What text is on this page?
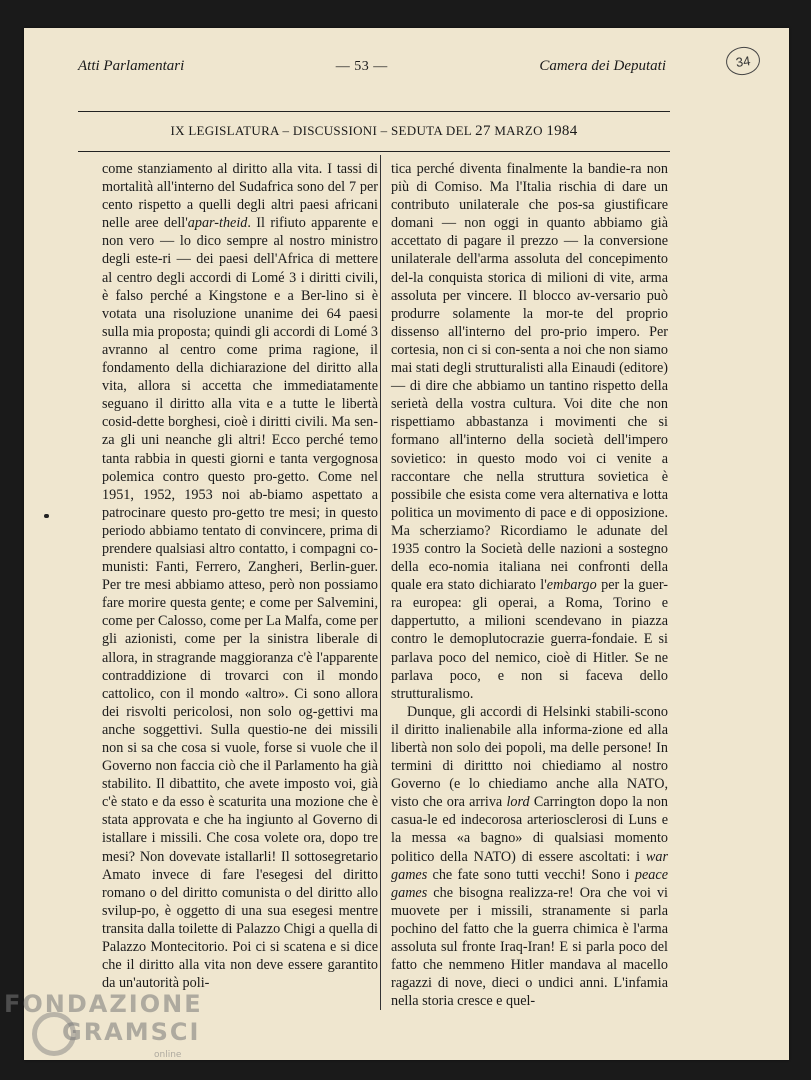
34
Atti Parlamentari	— 53 —	Camera dei Deputati
IX LEGISLATURA – DISCUSSIONI – SEDUTA DEL 27 MARZO 1984

come stanziamento al diritto alla vita. I tassi di mortalità all'interno del Sudafrica sono del 7 per cento rispetto a quelli degli altri paesi africani nelle aree dell'apar-theid. Il rifiuto apparente e non vero — lo dico sempre al nostro ministro degli este-ri — dei paesi dell'Africa di mettere al centro degli accordi di Lomé 3 i diritti civili, è falso perché a Kingstone e a Ber-lino si è votata una risoluzione unanime dei 64 paesi sulla mia proposta; quindi gli accordi di Lomé 3 avranno al centro come prima ragione, il fondamento della dichiarazione del diritto alla vita, allora si accetta che immediatamente seguano il diritto alla vita e a tutte le libertà cosid-dette borghesi, cioè i diritti civili. Ma sen-za gli uni neanche gli altri! Ecco perché temo tanta rabbia in questi giorni e tanta vergognosa polemica contro questo pro-getto. Come nel 1951, 1952, 1953 noi ab-biamo aspettato a patrocinare questo pro-getto tre mesi; in questo periodo abbiamo tentato di convincere, prima di prendere qualsiasi altro contatto, i compagni co-munisti: Fanti, Ferrero, Zangheri, Berlin-guer. Per tre mesi abbiamo atteso, però non possiamo fare morire questa gente; e come per Salvemini, come per Calosso, come per La Malfa, come per gli azionisti, come per la sinistra liberale di allora, in stragrande maggioranza c'è l'apparente contraddizione di trovarci con il mondo cattolico, con il mondo «altro». Ci sono allora dei risvolti pericolosi, non solo og-gettivi ma anche soggettivi. Sulla questio-ne dei missili non si sa che cosa si vuole, forse si vuole che il Governo non faccia ciò che il Parlamento ha già stabilito. Il dibattito, che avete imposto voi, già c'è stato e da esso è scaturita una mozione che è stata approvata e che ha ingiunto al Governo di istallare i missili. Che cosa volete ora, dopo tre mesi? Non dovevate istallarli! Il sottosegretario Amato invece di fare l'esegesi del diritto romano o del diritto comunista o del diritto allo svilup-po, è oggetto di una sua esegesi mentre transita dalla toilette di Palazzo Chigi a quella di Palazzo Montecitorio. Poi ci si scatena e si dice che il diritto alla vita non deve essere garantito da un'autorità poli-

tica perché diventa finalmente la bandie-ra non più di Comiso. Ma l'Italia rischia di dare un contributo unilaterale che pos-sa giustificare domani — non oggi in quanto abbiamo già accettato di pagare il prezzo — la conversione unilaterale dell'arma assoluta del concepimento del-la conquista storica di milioni di vite, arma assoluta per vincere. Il blocco av-versario può produrre solamente la mor-te del proprio dissenso all'interno del pro-prio impero. Per cortesia, non ci si con-senta a noi che non siamo mai stati degli strutturalisti alla Einaudi (editore) — di dire che abbiamo un tantino rispetto della serietà della vostra cultura. Voi dite che non rispettiamo abbastanza i movimenti che si formano all'interno della società dell'impero sovietico: in questo modo voi ci venite a raccontare che nella struttura sovietica è possibile che esista come vera alternativa e lotta politica un movimento di pace e di opposizione. Ma scherziamo? Ricordiamo le adunate del 1935 contro la Società delle nazioni a sostegno della eco-nomia italiana nei confronti della quale era stato dichiarato l'embargo per la guer-ra europea: gli operai, a Roma, Torino e dappertutto, a milioni scendevano in piazza contro le demoplutocrazie guerra-fondaie. E si parlava poco del nemico, cioè di Hitler. Se ne parlava poco, e non si faceva dello strutturalismo.

Dunque, gli accordi di Helsinki stabili-scono il diritto inalienabile alla informa-zione ed alla libertà non solo dei popoli, ma delle persone! In termini di dirittto noi chiediamo al nostro Governo (e lo chiediamo anche alla NATO, visto che ora arriva lord Carrington dopo la non casua-le ed indecorosa arteriosclerosi di Luns e la messa «a bagno» di qualsiasi momento politico della NATO) di essere ascoltati: i war games che fate sono tutti vecchi! Sono i peace games che bisogna realizza-re! Ora che voi vi muovete per i missili, stranamente si parla pochino del fatto che la guerra chimica è l'arma assoluta sul fronte Iraq-Iran! E si parla poco del fatto che nemmeno Hitler mandava al macello ragazzi di nove, dieci o undici anni. L'infamia nella storia cresce e quel-

FONDAZIONE
GRAMSCI
online
